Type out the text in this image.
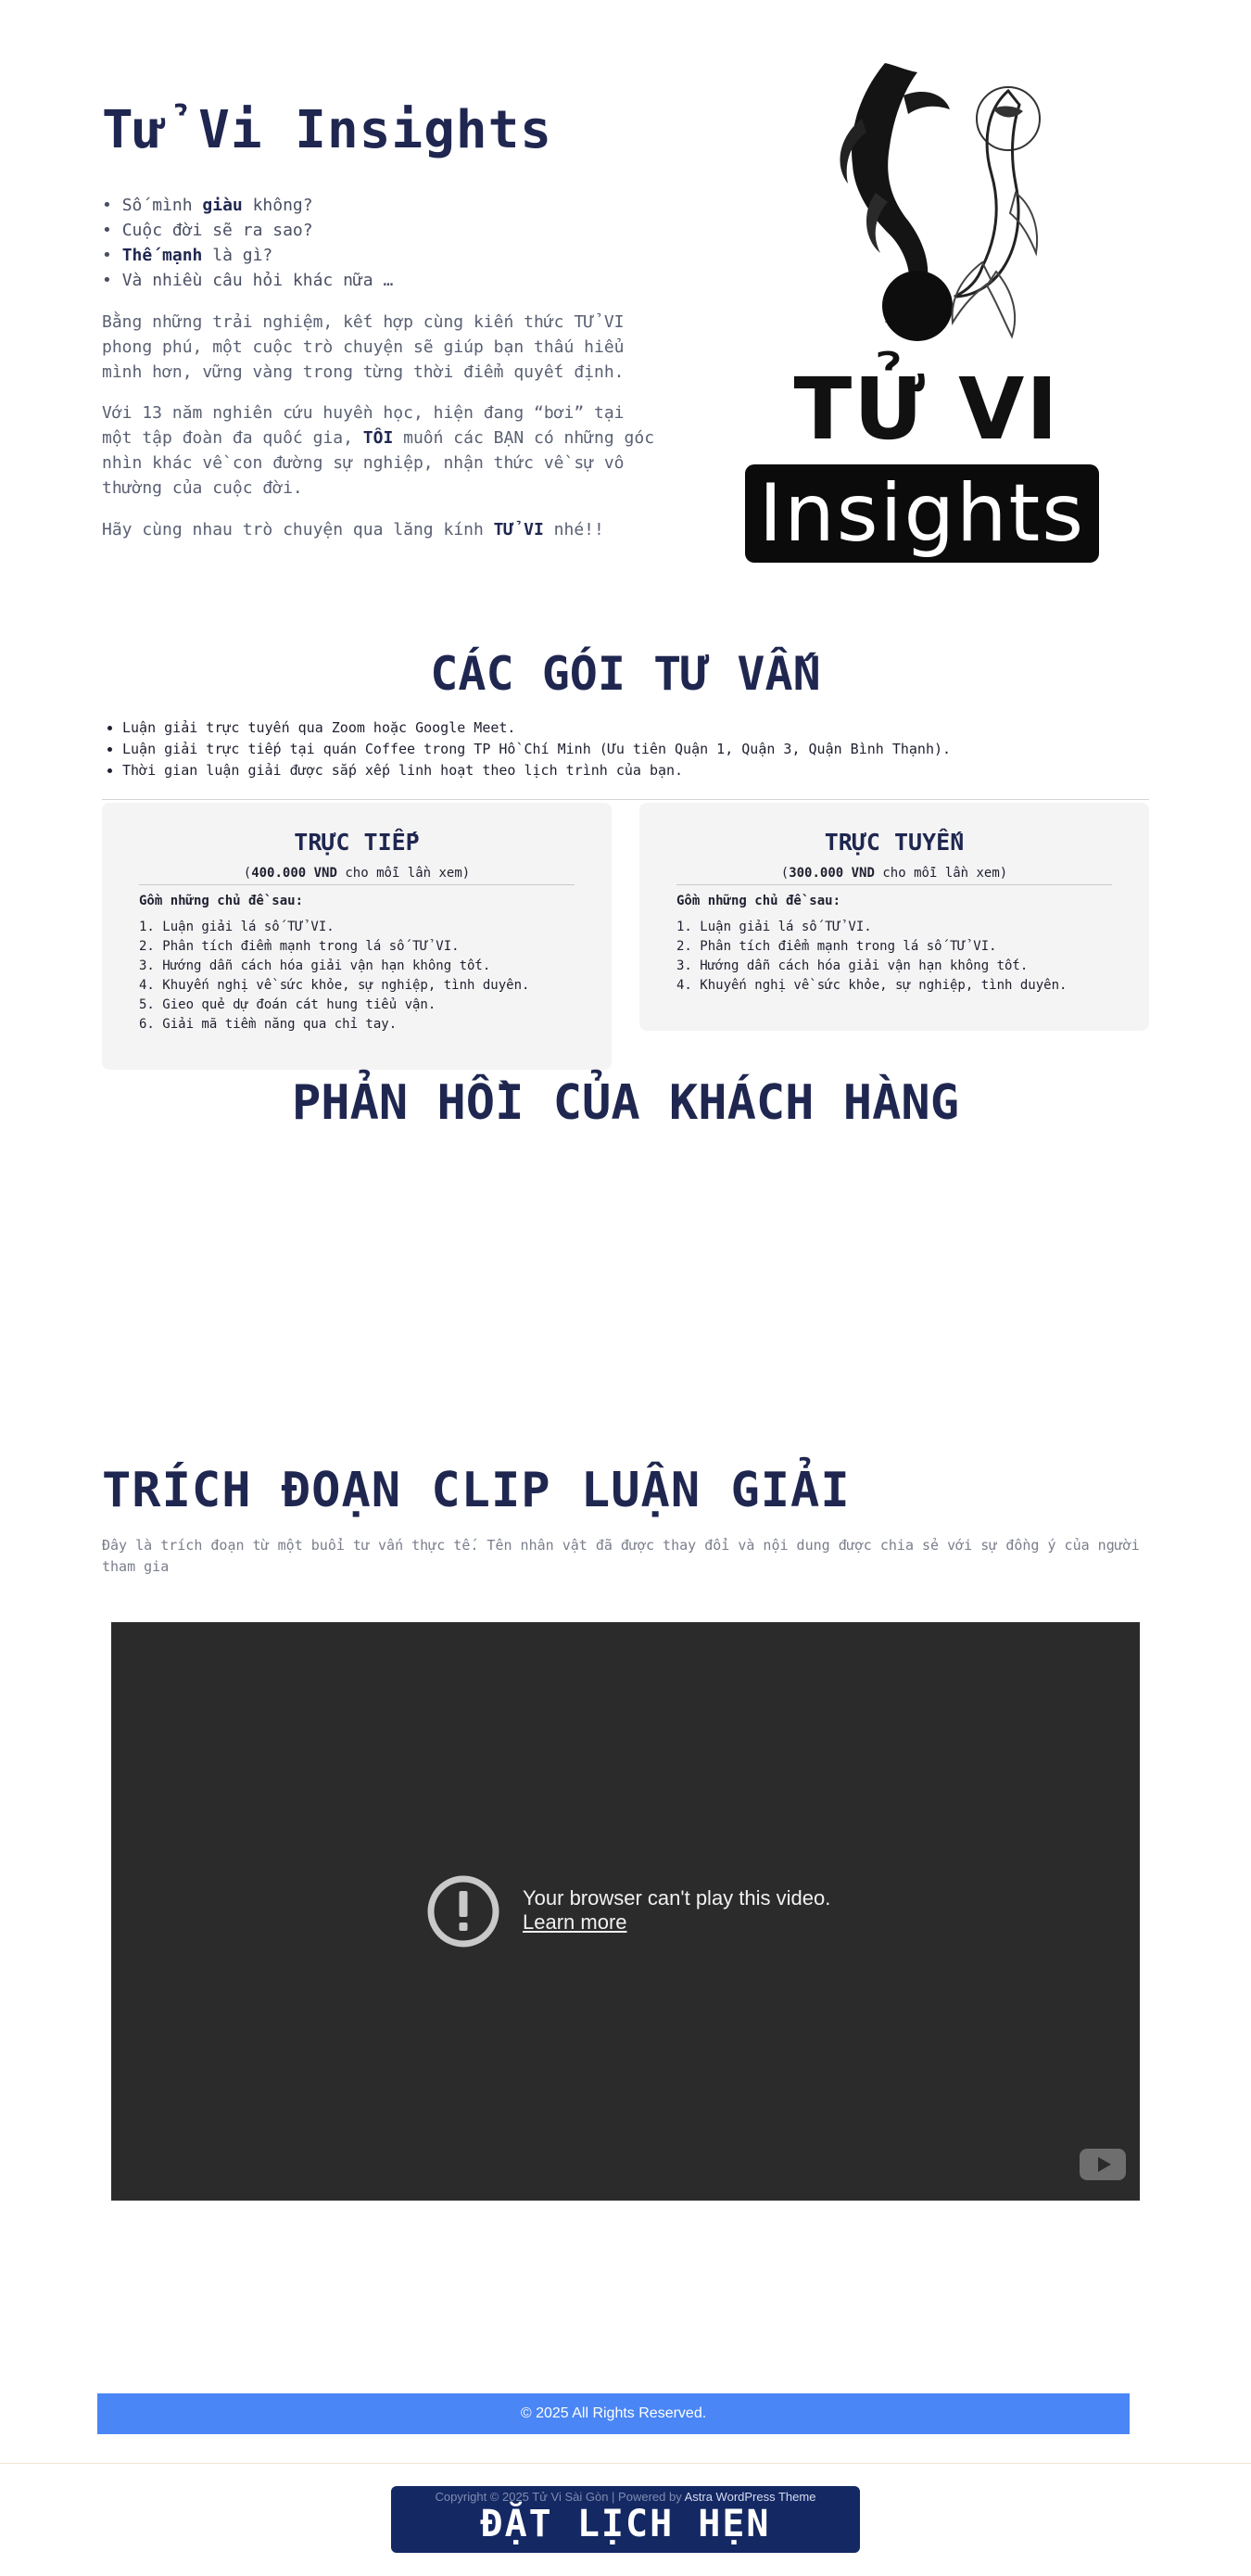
Tử Vi Insights
• Số mình giàu không?
• Cuộc đời sẽ ra sao?
• Thế mạnh là gì?
• Và nhiều câu hỏi khác nữa …

Bằng những trải nghiệm, kết hợp cùng kiến thức TỬ VI phong phú, một cuộc trò chuyện sẽ giúp bạn thấu hiểu mình hơn, vững vàng trong từng thời điểm quyết định.

Với 13 năm nghiên cứu huyền học, hiện đang “bơi” tại một tập đoàn đa quốc gia, TÔI muốn các BẠN có những góc nhìn khác về con đường sự nghiệp, nhận thức về sự vô thường của cuộc đời.

Hãy cùng nhau trò chuyện qua lăng kính TỬ VI nhé!!

TỬ VI
Insights
CÁC GÓI TƯ VẤN
• Luận giải trực tuyến qua Zoom hoặc Google Meet.
• Luận giải trực tiếp tại quán Coffee trong TP Hồ Chí Minh (Ưu tiên Quận 1, Quận 3, Quận Bình Thạnh).
• Thời gian luận giải được sắp xếp linh hoạt theo lịch trình của bạn.
TRỰC TIẾP
(400.000 VND cho mỗi lần xem)
Gồm những chủ đề sau:
1. Luận giải lá số TỬ VI.
2. Phân tích điểm mạnh trong lá số TỬ VI.
3. Hướng dẫn cách hóa giải vận hạn không tốt.
4. Khuyến nghị về sức khỏe, sự nghiệp, tình duyên.
5. Gieo quẻ dự đoán cát hung tiểu vận.
6. Giải mã tiềm năng qua chỉ tay.
TRỰC TUYẾN
(300.000 VND cho mỗi lần xem)
Gồm những chủ đề sau:
1. Luận giải lá số TỬ VI.
2. Phân tích điểm mạnh trong lá số TỬ VI.
3. Hướng dẫn cách hóa giải vận hạn không tốt.
4. Khuyến nghị về sức khỏe, sự nghiệp, tình duyên.
PHẢN HỒI CỦA KHÁCH HÀNG
TRÍCH ĐOẠN CLIP LUẬN GIẢI

Đây là trích đoạn từ một buổi tư vấn thực tế. Tên nhân vật đã được thay đổi và nội dung được chia sẻ với sự đồng ý của người tham gia

Your browser can't play this video.
Learn more
© 2025 All Rights Reserved.
Copyright © 2025 Tử Vi Sài Gòn | Powered by Astra WordPress Theme
ĐẶT LỊCH HẸN
